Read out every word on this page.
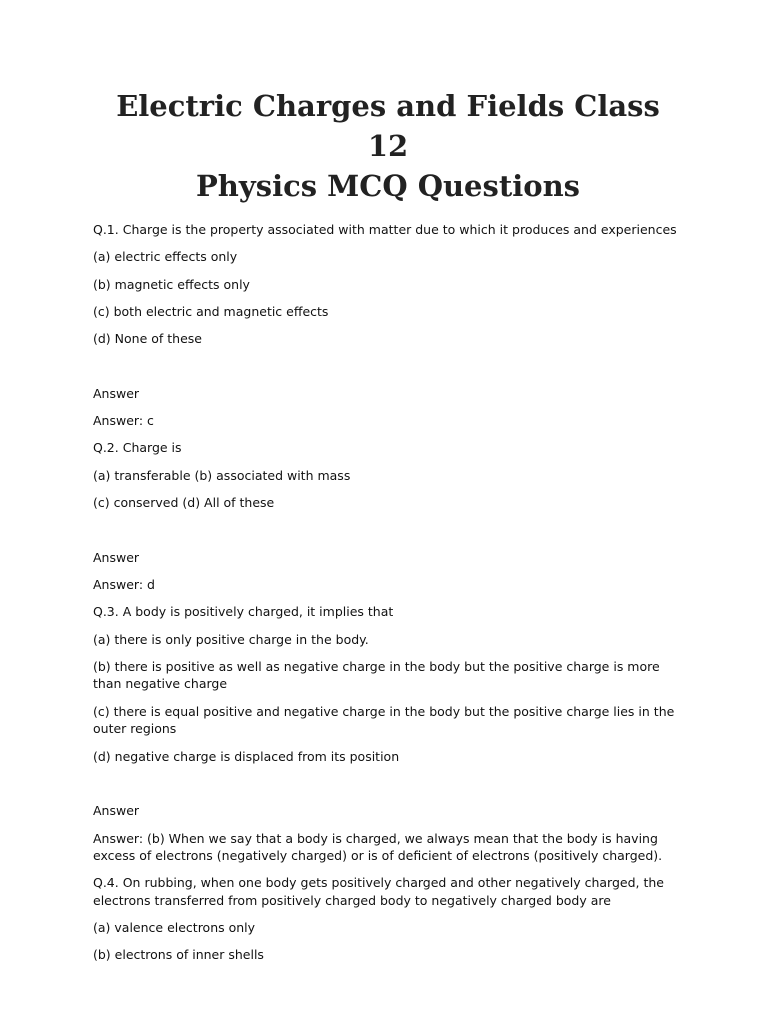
Electric Charges and Fields Class 12
Physics MCQ Questions
Q.1. Charge is the property associated with matter due to which it produces and experiences
(a) electric effects only
(b) magnetic effects only
(c) both electric and magnetic effects
(d) None of these
Answer
Answer: c
Q.2. Charge is
(a) transferable (b) associated with mass
(c) conserved (d) All of these
Answer
Answer: d
Q.3. A body is positively charged, it implies that
(a) there is only positive charge in the body.
(b) there is positive as well as negative charge in the body but the positive charge is more than negative charge
(c) there is equal positive and negative charge in the body but the positive charge lies in the outer regions
(d) negative charge is displaced from its position
Answer
Answer: (b) When we say that a body is charged, we always mean that the body is having excess of electrons (negatively charged) or is of deficient of electrons (positively charged).
Q.4. On rubbing, when one body gets positively charged and other negatively charged, the electrons transferred from positively charged body to negatively charged body are
(a) valence electrons only
(b) electrons of inner shells
